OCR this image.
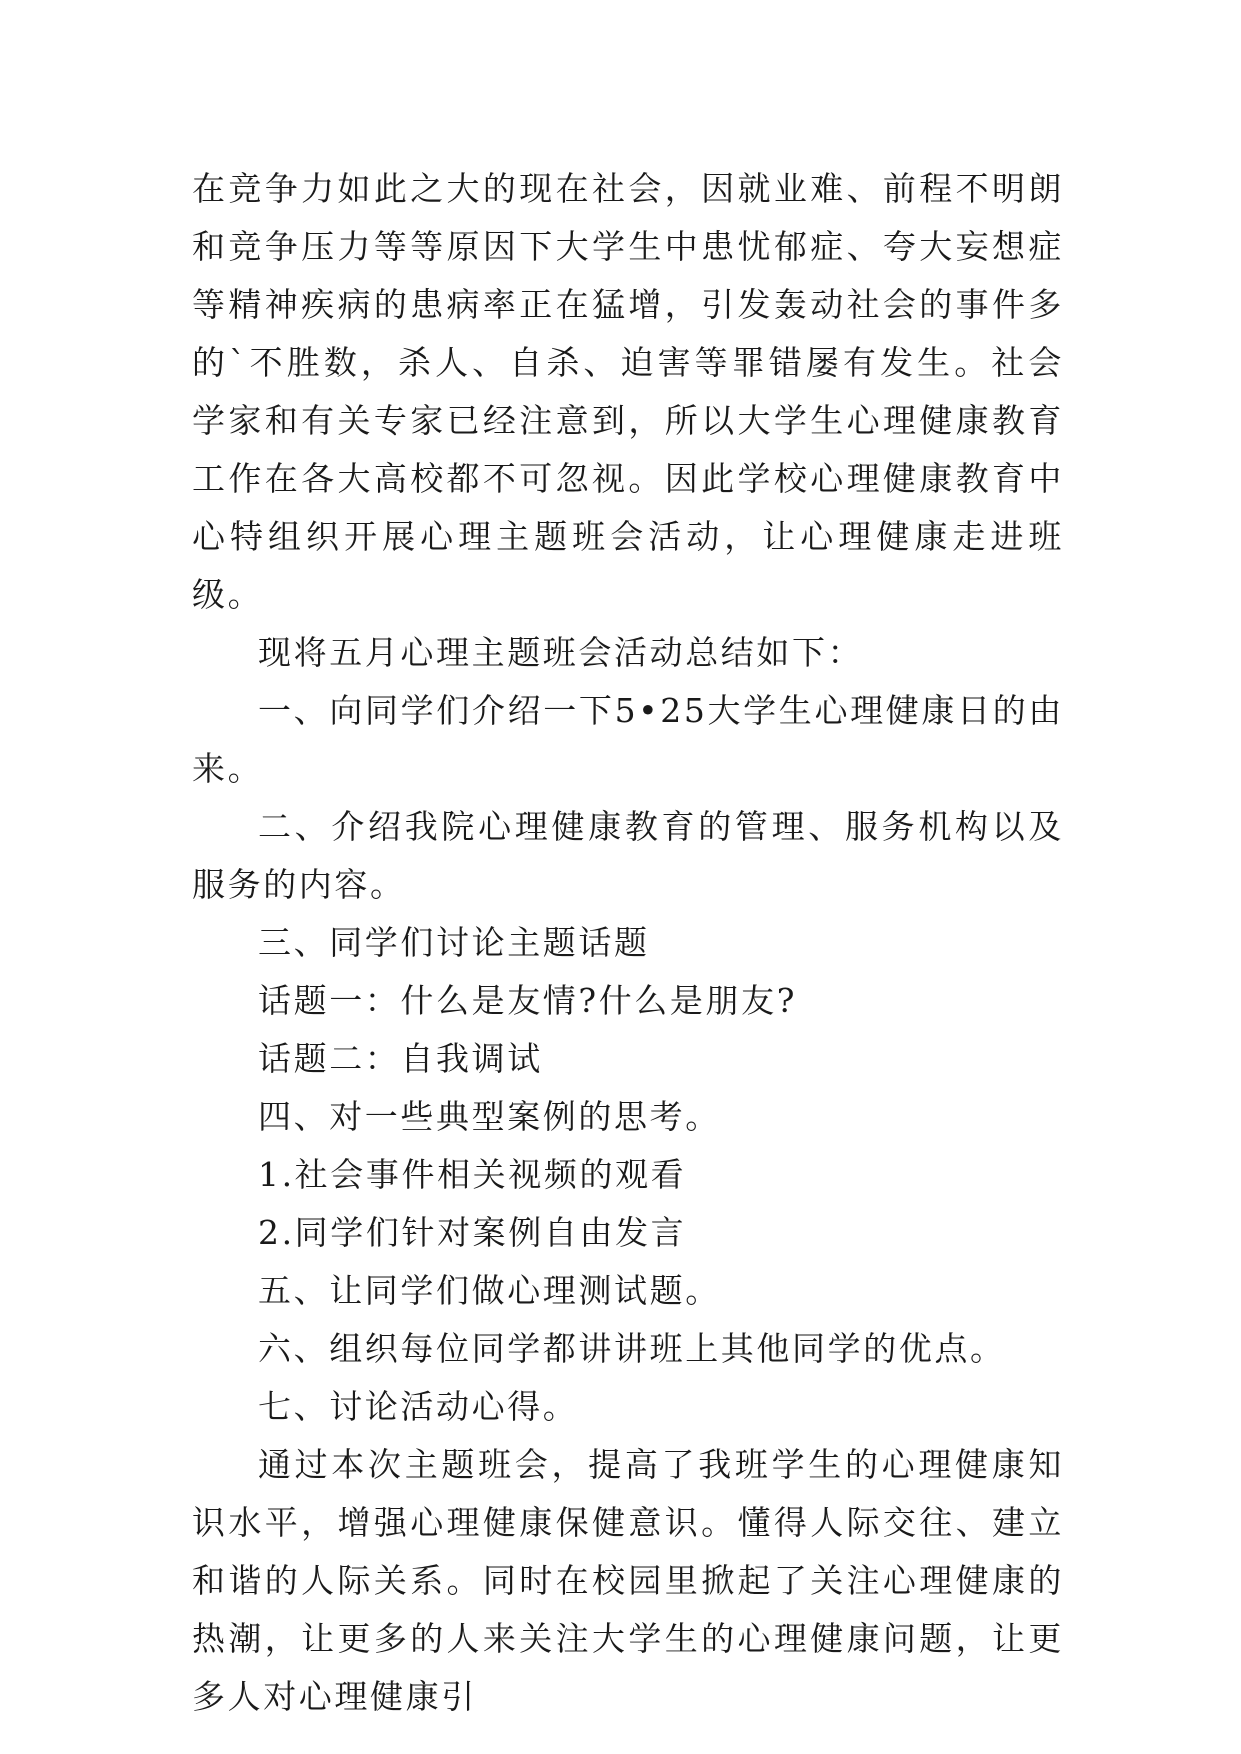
在竞争力如此之大的现在社会，因就业难、前程不明朗和竞争压力等等原因下大学生中患忧郁症、夸大妄想症等精神疾病的患病率正在猛增，引发轰动社会的事件多的`不胜数，杀人、自杀、迫害等罪错屡有发生。社会学家和有关专家已经注意到，所以大学生心理健康教育工作在各大高校都不可忽视。因此学校心理健康教育中心特组织开展心理主题班会活动，让心理健康走进班级。

现将五月心理主题班会活动总结如下：

一、向同学们介绍一下5•25大学生心理健康日的由来。

二、介绍我院心理健康教育的管理、服务机构以及服务的内容。

三、同学们讨论主题话题

话题一：什么是友情?什么是朋友?

话题二：自我调试

四、对一些典型案例的思考。

1.社会事件相关视频的观看

2.同学们针对案例自由发言

五、让同学们做心理测试题。

六、组织每位同学都讲讲班上其他同学的优点。

七、讨论活动心得。

通过本次主题班会，提高了我班学生的心理健康知识水平，增强心理健康保健意识。懂得人际交往、建立和谐的人际关系。同时在校园里掀起了关注心理健康的热潮，让更多的人来关注大学生的心理健康问题，让更多人对心理健康引
